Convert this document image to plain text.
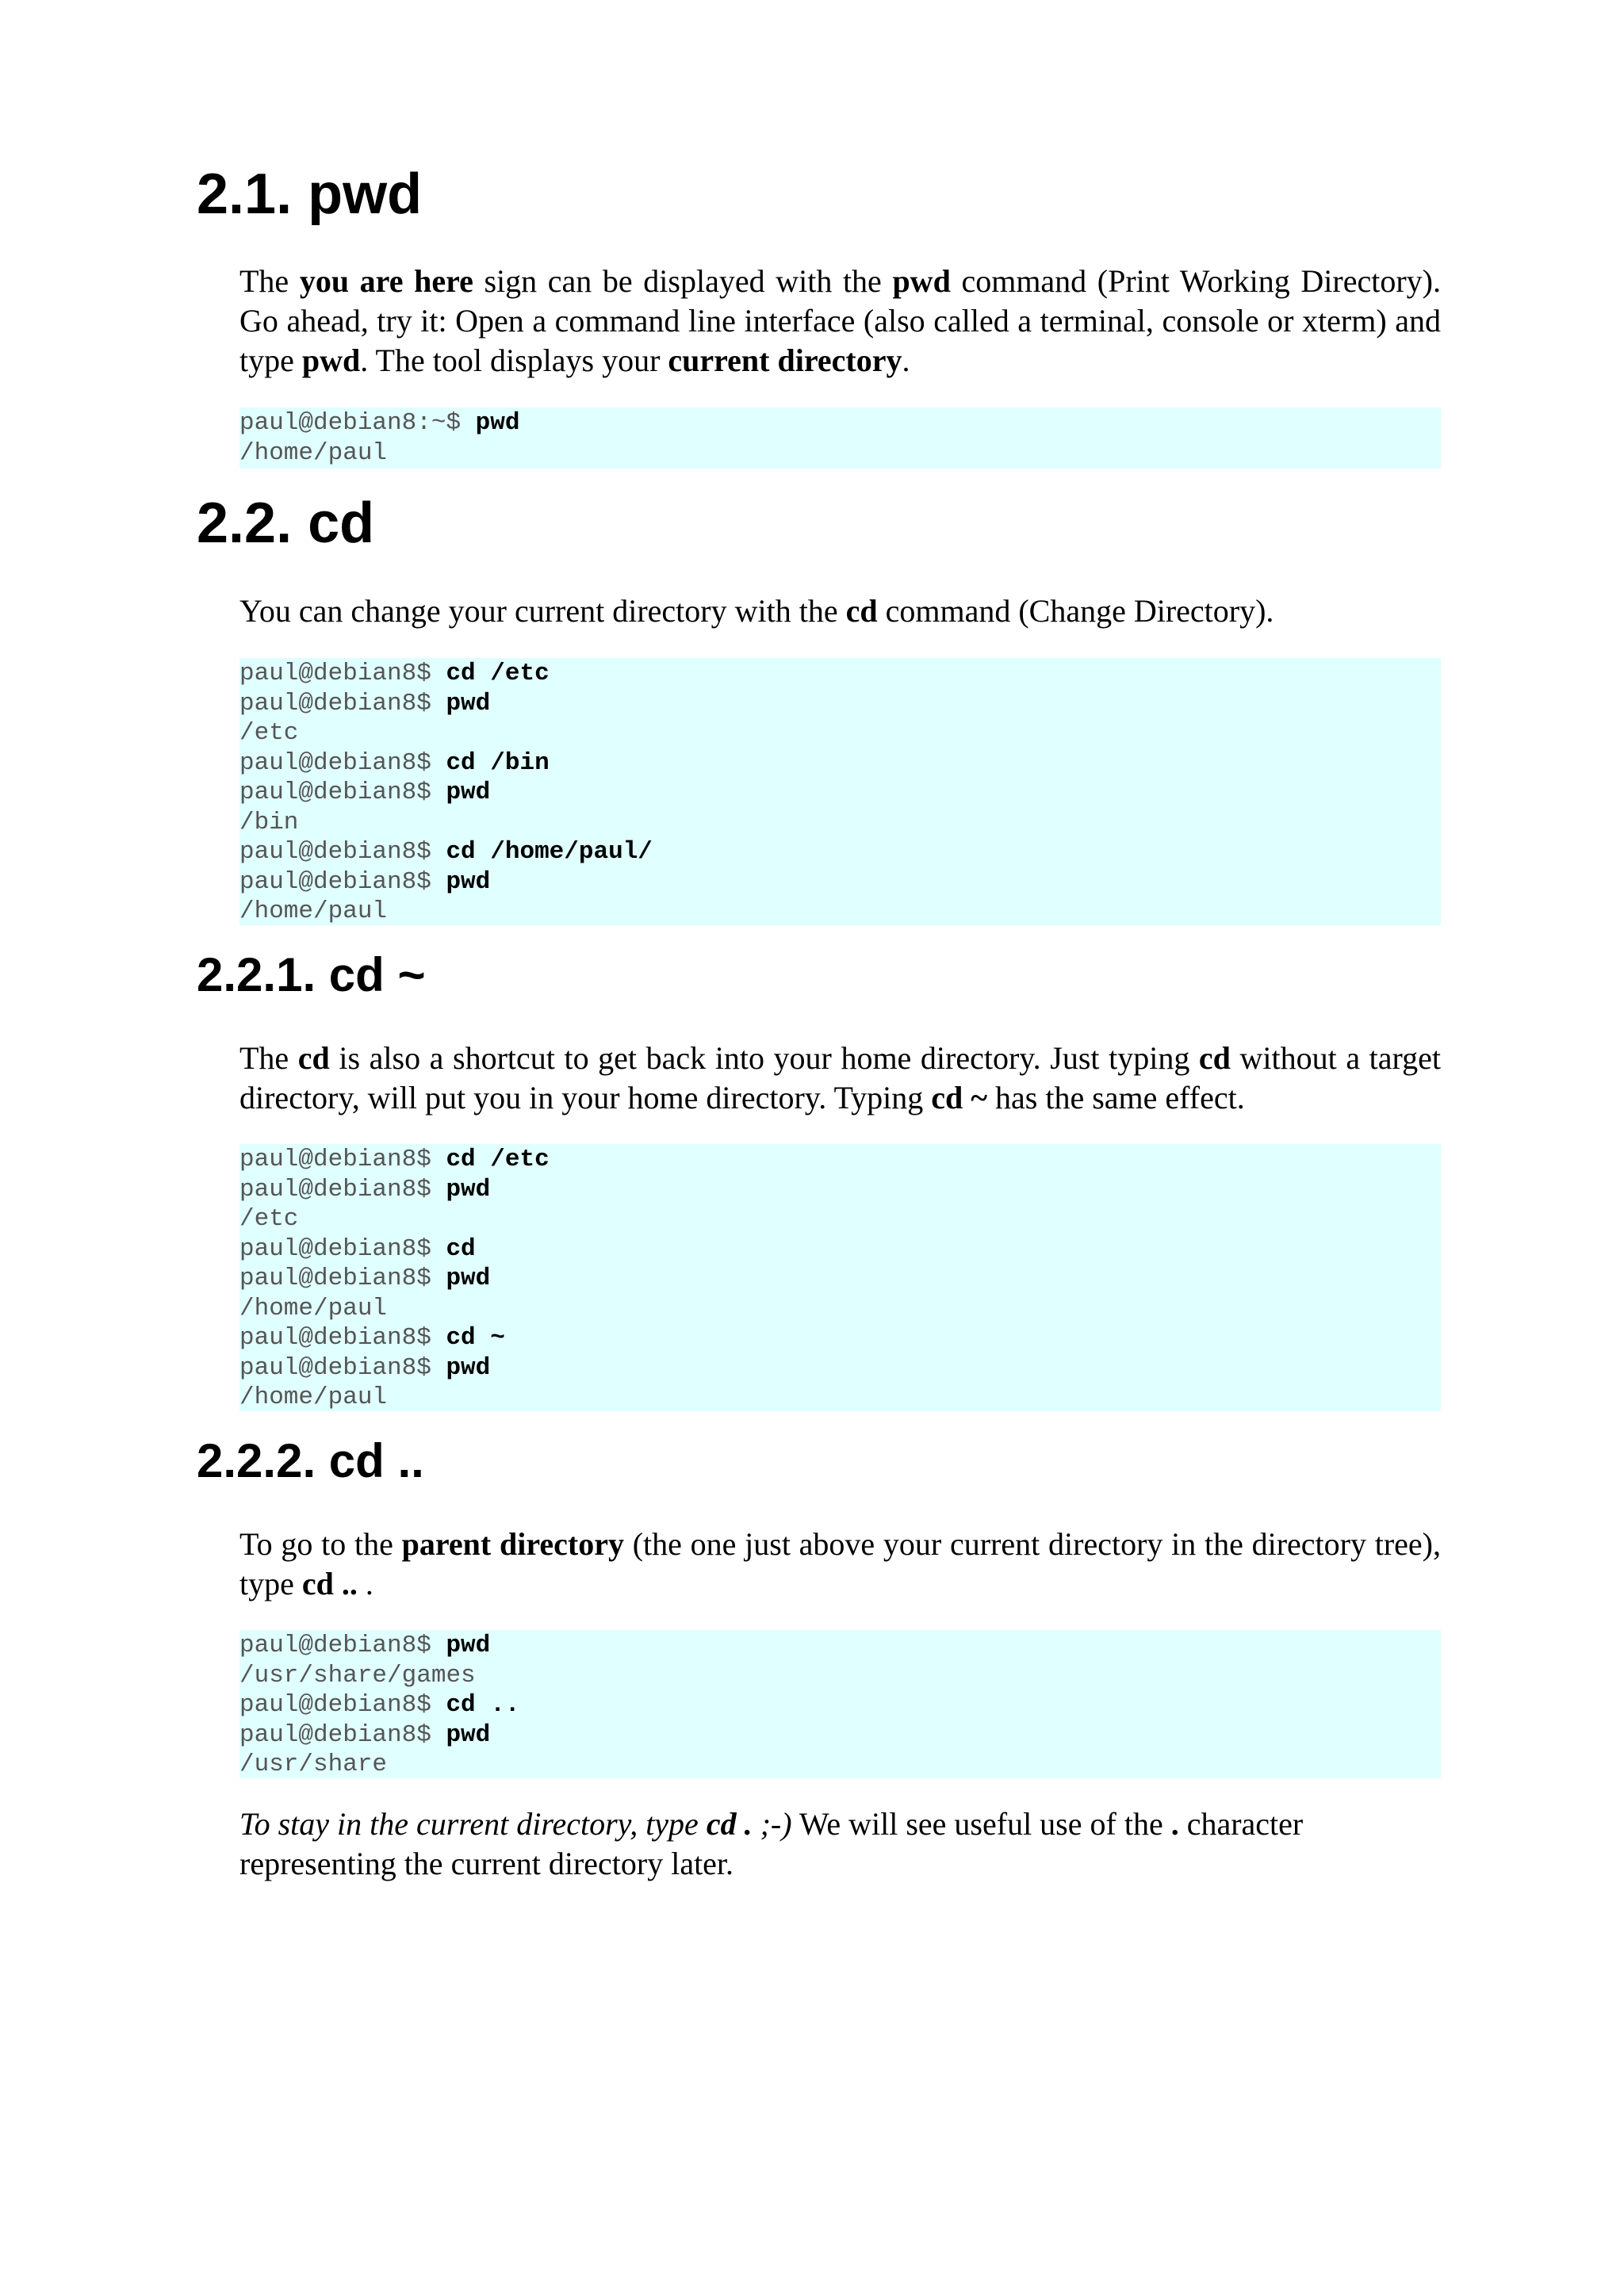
2.1. pwd

The you are here sign can be displayed with the pwd command (Print Working Directory). Go ahead, try it: Open a command line interface (also called a terminal, console or xterm) and type pwd. The tool displays your current directory.

paul@debian8:~$ pwd
/home/paul
2.2. cd

You can change your current directory with the cd command (Change Directory).

paul@debian8$ cd /etc
paul@debian8$ pwd
/etc
paul@debian8$ cd /bin
paul@debian8$ pwd
/bin
paul@debian8$ cd /home/paul/
paul@debian8$ pwd
/home/paul
2.2.1. cd ~

The cd is also a shortcut to get back into your home directory. Just typing cd without a target directory, will put you in your home directory. Typing cd ~ has the same effect.

paul@debian8$ cd /etc
paul@debian8$ pwd
/etc
paul@debian8$ cd
paul@debian8$ pwd
/home/paul
paul@debian8$ cd ~
paul@debian8$ pwd
/home/paul
2.2.2. cd ..

To go to the parent directory (the one just above your current directory in the directory tree), type cd .. .

paul@debian8$ pwd
/usr/share/games
paul@debian8$ cd ..
paul@debian8$ pwd
/usr/share

To stay in the current directory, type cd . ;-) We will see useful use of the . character representing the current directory later.
